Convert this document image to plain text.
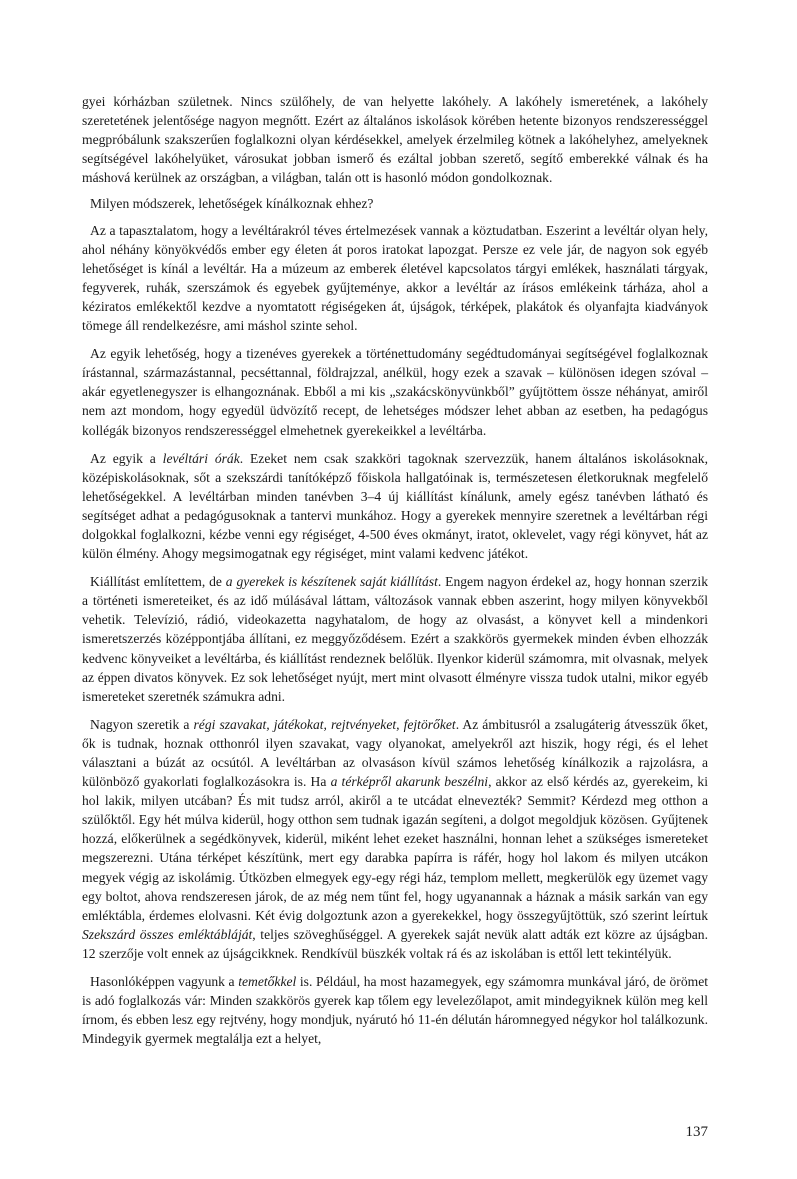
gyei kórházban születnek. Nincs szülőhely, de van helyette lakóhely. A lakóhely ismeretének, a lakóhely szeretetének jelentősége nagyon megnőtt. Ezért az általános iskolások körében hetente bizonyos rendszerességgel megpróbálunk szakszerűen foglalkozni olyan kérdésekkel, amelyek érzelmileg kötnek a lakóhelyhez, amelyeknek segítségével lakóhelyüket, városukat jobban ismerő és ezáltal jobban szerető, segítő emberekké válnak és ha máshová kerülnek az országban, a világban, talán ott is hasonló módon gondolkoznak.

Milyen módszerek, lehetőségek kínálkoznak ehhez?

Az a tapasztalatom, hogy a levéltárakról téves értelmezések vannak a köztudatban. Eszerint a levéltár olyan hely, ahol néhány könyökvédős ember egy életen át poros iratokat lapozgat. Persze ez vele jár, de nagyon sok egyéb lehetőséget is kínál a levéltár. Ha a múzeum az emberek életével kapcsolatos tárgyi emlékek, használati tárgyak, fegyverek, ruhák, szerszámok és egyebek gyűjteménye, akkor a levéltár az írásos emlékeink tárháza, ahol a kéziratos emlékektől kezdve a nyomtatott régiségeken át, újságok, térképek, plakátok és olyanfajta kiadványok tömege áll rendelkezésre, ami máshol szinte sehol.

Az egyik lehetőség, hogy a tizenéves gyerekek a történettudomány segédtudományai segítségével foglalkoznak írástannal, származástannal, pecséttannal, földrajzzal, anélkül, hogy ezek a szavak – különösen idegen szóval – akár egyetlenegyszer is elhangoznának. Ebből a mi kis „szakácskönyvünkből” gyűjtöttem össze néhányat, amiről nem azt mondom, hogy egyedül üdvözítő recept, de lehetséges módszer lehet abban az esetben, ha pedagógus kollégák bizonyos rendszerességgel elmehetnek gyerekeikkel a levéltárba.

Az egyik a levéltári órák. Ezeket nem csak szakköri tagoknak szervezzük, hanem általános iskolásoknak, középiskolásoknak, sőt a szekszárdi tanítóképző főiskola hallgatóinak is, természetesen életkoruknak megfelelő lehetőségekkel. A levéltárban minden tanévben 3–4 új kiállítást kínálunk, amely egész tanévben látható és segítséget adhat a pedagógusoknak a tantervi munkához. Hogy a gyerekek mennyire szeretnek a levéltárban régi dolgokkal foglalkozni, kézbe venni egy régiséget, 4-500 éves okmányt, iratot, oklevelet, vagy régi könyvet, hát az külön élmény. Ahogy megsimogatnak egy régiséget, mint valami kedvenc játékot.

Kiállítást említettem, de a gyerekek is készítenek saját kiállítást. Engem nagyon érdekel az, hogy honnan szerzik a történeti ismereteiket, és az idő múlásával láttam, változások vannak ebben aszerint, hogy milyen könyvekből vehetik. Televízió, rádió, videokazetta nagyhatalom, de hogy az olvasást, a könyvet kell a mindenkori ismeretszerzés középpontjába állítani, ez meggyőződésem. Ezért a szakkörös gyermekek minden évben elhozzák kedvenc könyveiket a levéltárba, és kiállítást rendeznek belőlük. Ilyenkor kiderül számomra, mit olvasnak, melyek az éppen divatos könyvek. Ez sok lehetőséget nyújt, mert mint olvasott élményre vissza tudok utalni, mikor egyéb ismereteket szeretnék számukra adni.

Nagyon szeretik a régi szavakat, játékokat, rejtvényeket, fejtörőket. Az ámbitusról a zsalugáterig átvesszük őket, ők is tudnak, hoznak otthonról ilyen szavakat, vagy olyanokat, amelyekről azt hiszik, hogy régi, és el lehet választani a búzát az ocsútól. A levéltárban az olvasáson kívül számos lehetőség kínálkozik a rajzolásra, a különböző gyakorlati foglalkozásokra is. Ha a térképről akarunk beszélni, akkor az első kérdés az, gyerekeim, ki hol lakik, milyen utcában? És mit tudsz arról, akiről a te utcádat elnevezték? Semmit? Kérdezd meg otthon a szülőktől. Egy hét múlva kiderül, hogy otthon sem tudnak igazán segíteni, a dolgot megoldjuk közösen. Gyűjtenek hozzá, előkerülnek a segédkönyvek, kiderül, miként lehet ezeket használni, honnan lehet a szükséges ismereteket megszerezni. Utána térképet készítünk, mert egy darabka papírra is ráfér, hogy hol lakom és milyen utcákon megyek végig az iskolámig. Útközben elmegyek egy-egy régi ház, templom mellett, megkerülök egy üzemet vagy egy boltot, ahova rendszeresen járok, de az még nem tűnt fel, hogy ugyanannak a háznak a másik sarkán van egy emléktábla, érdemes elolvasni. Két évig dolgoztunk azon a gyerekekkel, hogy összegyűjtöttük, szó szerint leírtuk Szekszárd összes emléktábláját, teljes szöveghűséggel. A gyerekek saját nevük alatt adták ezt közre az újságban. 12 szerzője volt ennek az újságcikknek. Rendkívül büszkék voltak rá és az iskolában is ettől lett tekintélyük.

Hasonlóképpen vagyunk a temetőkkel is. Például, ha most hazamegyek, egy számomra munkával járó, de örömet is adó foglalkozás vár: Minden szakkörös gyerek kap tőlem egy levelezőlapot, amit mindegyiknek külön meg kell írnom, és ebben lesz egy rejtvény, hogy mondjuk, nyárutó hó 11-én délután háromnegyed négykor hol találkozunk. Mindegyik gyermek megtalálja ezt a helyet,

137
